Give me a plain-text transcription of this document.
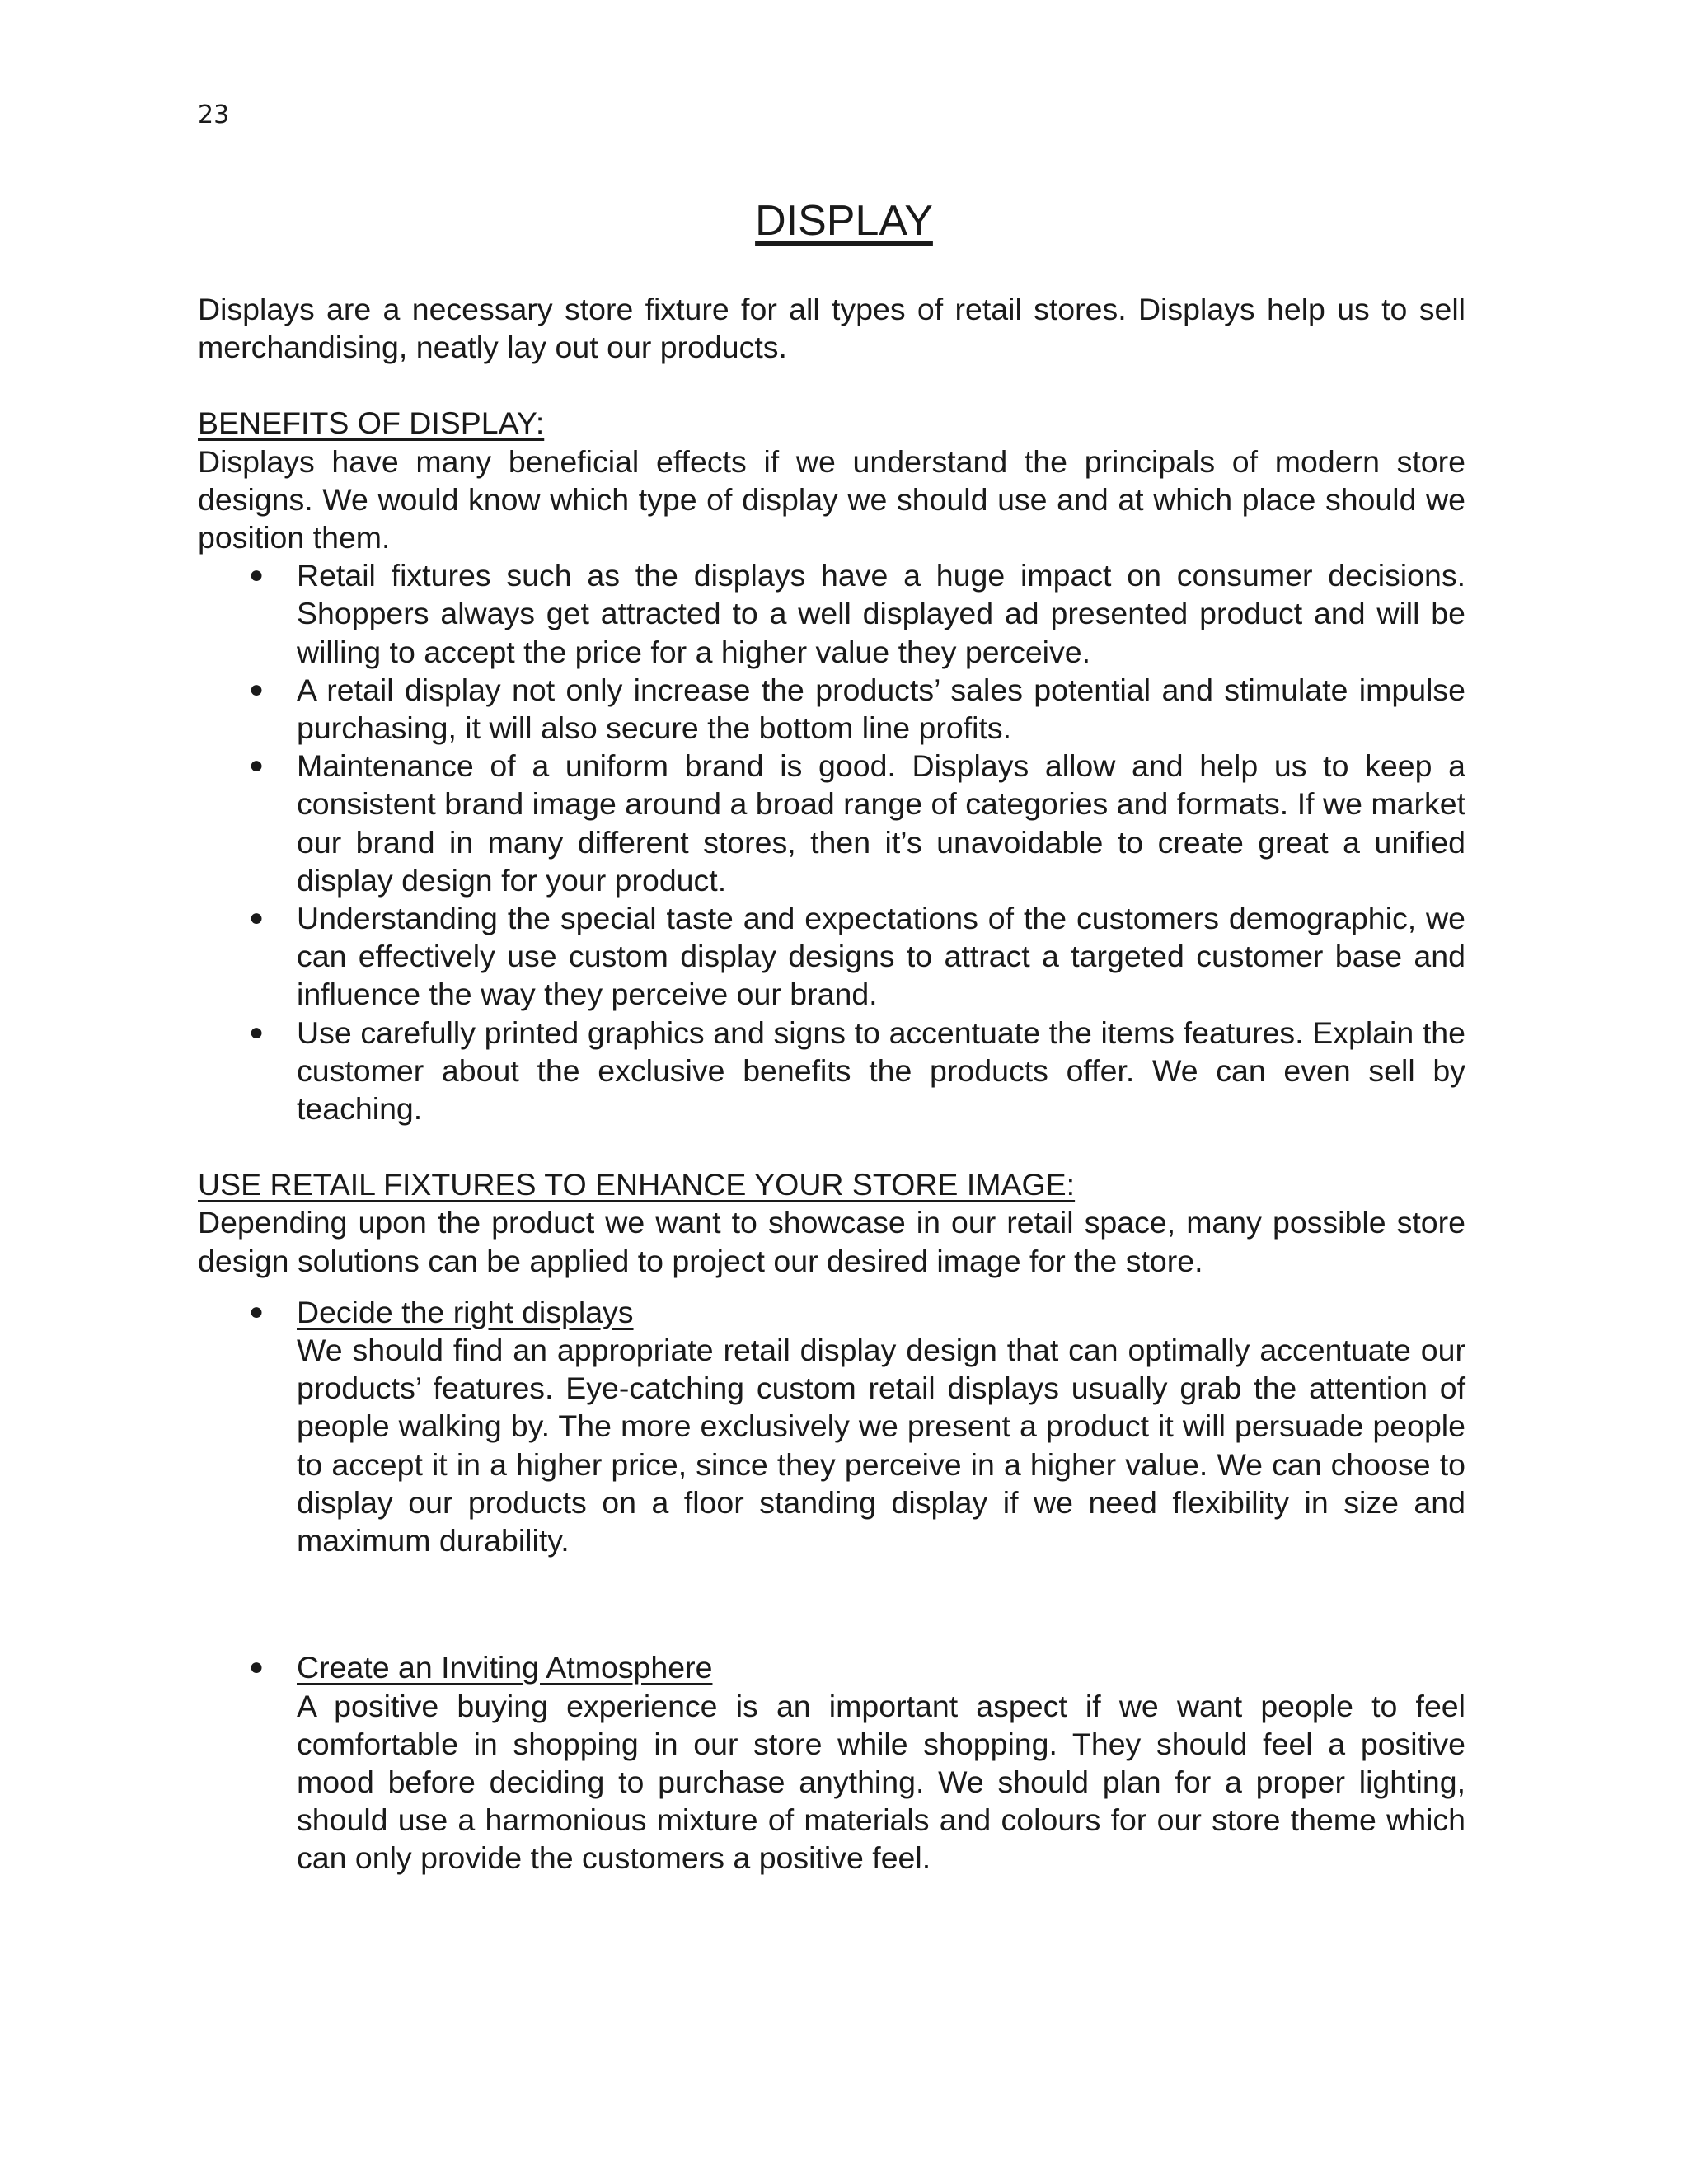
23
DISPLAY

Displays are a necessary store fixture for all types of retail stores. Displays help us to sell merchandising, neatly lay out our products.

BENEFITS OF DISPLAY:

Displays have many beneficial effects if we understand the principals of modern store designs. We would know which type of display we should use and at which place should we position them.

● Retail fixtures such as the displays have a huge impact on consumer decisions. Shoppers always get attracted to a well displayed ad presented product and will be willing to accept the price for a higher value they perceive.

● A retail display not only increase the products’ sales potential and stimulate impulse purchasing, it will also secure the bottom line profits.

● Maintenance of a uniform brand is good. Displays allow and help us to keep a consistent brand image around a broad range of categories and formats. If we market our brand in many different stores, then it’s unavoidable to create great a unified display design for your product.

● Understanding the special taste and expectations of the customers demographic, we can effectively use custom display designs to attract a targeted customer base and influence the way they perceive our brand.

● Use carefully printed graphics and signs to accentuate the items features. Explain the customer about the exclusive benefits the products offer. We can even sell by teaching.

USE RETAIL FIXTURES TO ENHANCE YOUR STORE IMAGE:

Depending upon the product we want to showcase in our retail space, many possible store design solutions can be applied to project our desired image for the store.

● Decide the right displays

We should find an appropriate retail display design that can optimally accentuate our products’ features. Eye-catching custom retail displays usually grab the attention of people walking by. The more exclusively we present a product it will persuade people to accept it in a higher price, since they perceive in a higher value. We can choose to display our products on a floor standing display if we need flexibility in size and maximum durability.

● Create an Inviting Atmosphere

A positive buying experience is an important aspect if we want people to feel comfortable in shopping in our store while shopping. They should feel a positive mood before deciding to purchase anything. We should plan for a proper lighting, should use a harmonious mixture of materials and colours for our store theme which can only provide the customers a positive feel.
